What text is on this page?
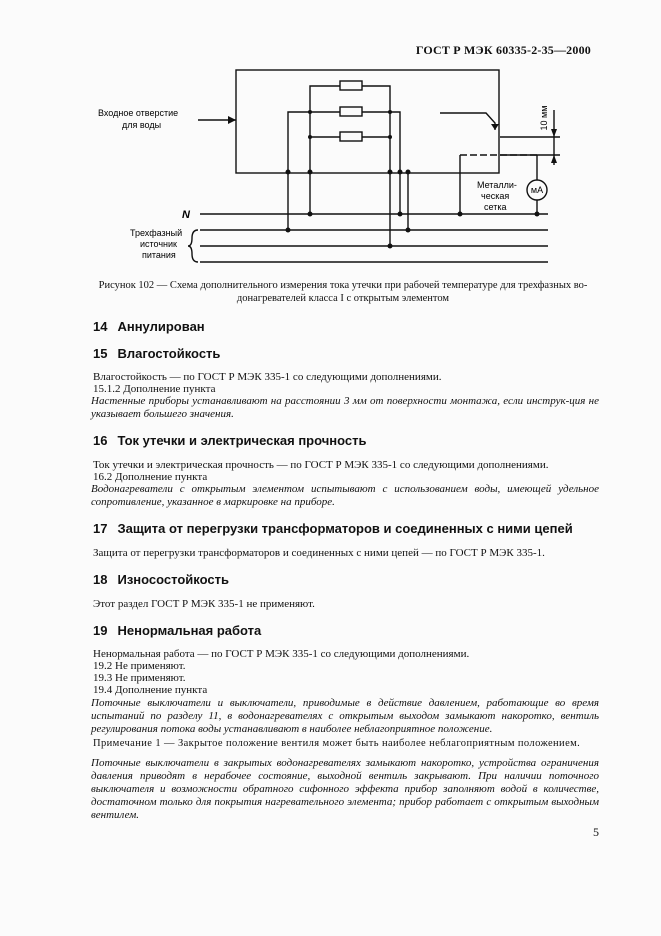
ГОСТ Р МЭК 60335-2-35—2000
Входное отверстие
для воды	10 мм
Металли-
ческая
сетка
мА
N
Трехфазный
источник
питания
Рисунок 102 — Схема дополнительного измерения тока утечки при рабочей температуре для трехфазных во-
донагревателей класса I с открытым элементом
14 Аннулирован
15 Влагостойкость
Влагостойкость — по ГОСТ Р МЭК 335-1 со следующими дополнениями.
15.1.2 Дополнение пункта
Настенные приборы устанавливают на расстоянии 3 мм от поверхности монтажа, если инструк-ция не указывает большего значения.
16 Ток утечки и электрическая прочность
Ток утечки и электрическая прочность — по ГОСТ Р МЭК 335-1 со следующими дополнениями.
16.2 Дополнение пункта
Водонагреватели с открытым элементом испытывают с использованием воды, имеющей удельное сопротивление, указанное в маркировке на приборе.
17 Защита от перегрузки трансформаторов и соединенных с ними цепей
Защита от перегрузки трансформаторов и соединенных с ними цепей — по ГОСТ Р МЭК 335-1.
18 Износостойкость
Этот раздел ГОСТ Р МЭК 335-1 не применяют.
19 Ненормальная работа
Ненормальная работа — по ГОСТ Р МЭК 335-1 со следующими дополнениями.
19.2 Не применяют.
19.3 Не применяют.
19.4 Дополнение пункта
Поточные выключатели и выключатели, приводимые в действие давлением, работающие во время испытаний по разделу 11, в водонагревателях с открытым выходом замыкают накоротко, вентиль регулирования потока воды устанавливают в наиболее неблагоприятное положение.
Примечание 1 — Закрытое положение вентиля может быть наиболее неблагоприятным положением.
Поточные выключатели в закрытых водонагревателях замыкают накоротко, устройства ограничения давления приводят в нерабочее состояние, выходной вентиль закрывают. При наличии поточного выключателя и возможности обратного сифонного эффекта прибор заполняют водой в количестве, достаточном только для покрытия нагревательного элемента; прибор работает с открытым выходным вентилем.
5
